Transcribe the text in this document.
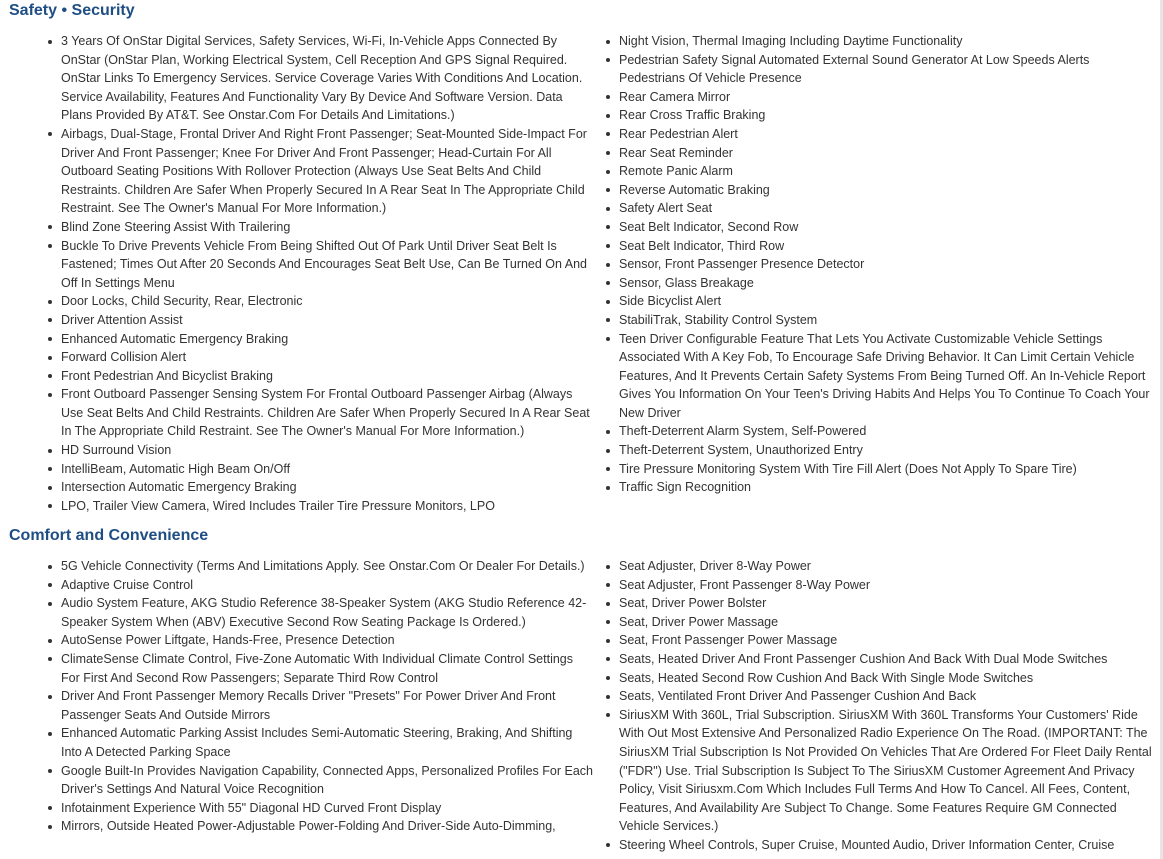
Safety • Security
3 Years Of OnStar Digital Services, Safety Services, Wi-Fi, In-Vehicle Apps Connected By OnStar (OnStar Plan, Working Electrical System, Cell Reception And GPS Signal Required. OnStar Links To Emergency Services. Service Coverage Varies With Conditions And Location. Service Availability, Features And Functionality Vary By Device And Software Version. Data Plans Provided By AT&T. See Onstar.Com For Details And Limitations.)
Airbags, Dual-Stage, Frontal Driver And Right Front Passenger; Seat-Mounted Side-Impact For Driver And Front Passenger; Knee For Driver And Front Passenger; Head-Curtain For All Outboard Seating Positions With Rollover Protection (Always Use Seat Belts And Child Restraints. Children Are Safer When Properly Secured In A Rear Seat In The Appropriate Child Restraint. See The Owner's Manual For More Information.)
Blind Zone Steering Assist With Trailering
Buckle To Drive Prevents Vehicle From Being Shifted Out Of Park Until Driver Seat Belt Is Fastened; Times Out After 20 Seconds And Encourages Seat Belt Use, Can Be Turned On And Off In Settings Menu
Door Locks, Child Security, Rear, Electronic
Driver Attention Assist
Enhanced Automatic Emergency Braking
Forward Collision Alert
Front Pedestrian And Bicyclist Braking
Front Outboard Passenger Sensing System For Frontal Outboard Passenger Airbag (Always Use Seat Belts And Child Restraints. Children Are Safer When Properly Secured In A Rear Seat In The Appropriate Child Restraint. See The Owner's Manual For More Information.)
HD Surround Vision
IntelliBeam, Automatic High Beam On/Off
Intersection Automatic Emergency Braking
LPO, Trailer View Camera, Wired Includes Trailer Tire Pressure Monitors, LPO
Night Vision, Thermal Imaging Including Daytime Functionality
Pedestrian Safety Signal Automated External Sound Generator At Low Speeds Alerts Pedestrians Of Vehicle Presence
Rear Camera Mirror
Rear Cross Traffic Braking
Rear Pedestrian Alert
Rear Seat Reminder
Remote Panic Alarm
Reverse Automatic Braking
Safety Alert Seat
Seat Belt Indicator, Second Row
Seat Belt Indicator, Third Row
Sensor, Front Passenger Presence Detector
Sensor, Glass Breakage
Side Bicyclist Alert
StabiliTrak, Stability Control System
Teen Driver Configurable Feature That Lets You Activate Customizable Vehicle Settings Associated With A Key Fob, To Encourage Safe Driving Behavior. It Can Limit Certain Vehicle Features, And It Prevents Certain Safety Systems From Being Turned Off. An In-Vehicle Report Gives You Information On Your Teen's Driving Habits And Helps You To Continue To Coach Your New Driver
Theft-Deterrent Alarm System, Self-Powered
Theft-Deterrent System, Unauthorized Entry
Tire Pressure Monitoring System With Tire Fill Alert (Does Not Apply To Spare Tire)
Traffic Sign Recognition
Comfort and Convenience
5G Vehicle Connectivity (Terms And Limitations Apply. See Onstar.Com Or Dealer For Details.)
Adaptive Cruise Control
Audio System Feature, AKG Studio Reference 38-Speaker System (AKG Studio Reference 42-Speaker System When (ABV) Executive Second Row Seating Package Is Ordered.)
AutoSense Power Liftgate, Hands-Free, Presence Detection
ClimateSense Climate Control, Five-Zone Automatic With Individual Climate Control Settings For First And Second Row Passengers; Separate Third Row Control
Driver And Front Passenger Memory Recalls Driver "Presets" For Power Driver And Front Passenger Seats And Outside Mirrors
Enhanced Automatic Parking Assist Includes Semi-Automatic Steering, Braking, And Shifting Into A Detected Parking Space
Google Built-In Provides Navigation Capability, Connected Apps, Personalized Profiles For Each Driver's Settings And Natural Voice Recognition
Infotainment Experience With 55" Diagonal HD Curved Front Display
Mirrors, Outside Heated Power-Adjustable Power-Folding And Driver-Side Auto-Dimming,
Seat Adjuster, Driver 8-Way Power
Seat Adjuster, Front Passenger 8-Way Power
Seat, Driver Power Bolster
Seat, Driver Power Massage
Seat, Front Passenger Power Massage
Seats, Heated Driver And Front Passenger Cushion And Back With Dual Mode Switches
Seats, Heated Second Row Cushion And Back With Single Mode Switches
Seats, Ventilated Front Driver And Passenger Cushion And Back
SiriusXM With 360L, Trial Subscription. SiriusXM With 360L Transforms Your Customers' Ride With Out Most Extensive And Personalized Radio Experience On The Road. (IMPORTANT: The SiriusXM Trial Subscription Is Not Provided On Vehicles That Are Ordered For Fleet Daily Rental ("FDR") Use. Trial Subscription Is Subject To The SiriusXM Customer Agreement And Privacy Policy, Visit Siriusxm.Com Which Includes Full Terms And How To Cancel. All Fees, Content, Features, And Availability Are Subject To Change. Some Features Require GM Connected Vehicle Services.)
Steering Wheel Controls, Super Cruise, Mounted Audio, Driver Information Center, Cruise
